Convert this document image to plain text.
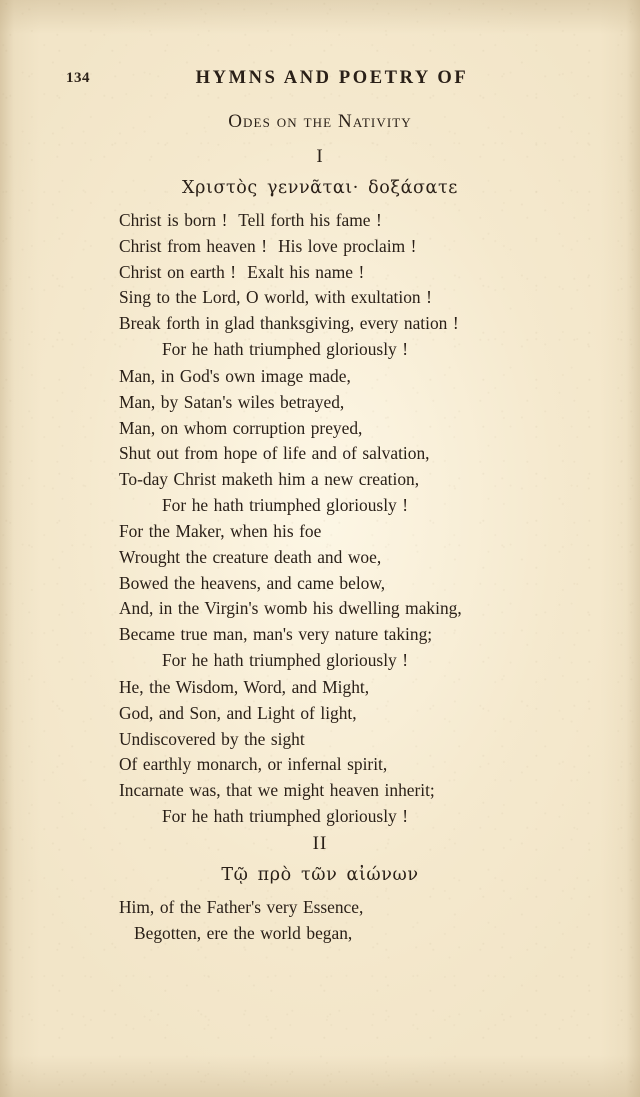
134	HYMNS AND POETRY OF
Odes on the Nativity
I
Χριστὸς γεννᾶται· δοξάσατε
Christ is born !  Tell forth his fame !
Christ from heaven !  His love proclaim !
Christ on earth !  Exalt his name !
Sing to the Lord, O world, with exultation !
Break forth in glad thanksgiving, every nation !
For he hath triumphed gloriously !
Man, in God's own image made,
Man, by Satan's wiles betrayed,
Man, on whom corruption preyed,
Shut out from hope of life and of salvation,
To-day Christ maketh him a new creation,
For he hath triumphed gloriously !
For the Maker, when his foe
Wrought the creature death and woe,
Bowed the heavens, and came below,
And, in the Virgin's womb his dwelling making,
Became true man, man's very nature taking;
For he hath triumphed gloriously !
He, the Wisdom, Word, and Might,
God, and Son, and Light of light,
Undiscovered by the sight
Of earthly monarch, or infernal spirit,
Incarnate was, that we might heaven inherit;
For he hath triumphed gloriously !
II
Τῷ πρὸ τῶν αἰώνων
Him, of the Father's very Essence,
Begotten, ere the world began,
